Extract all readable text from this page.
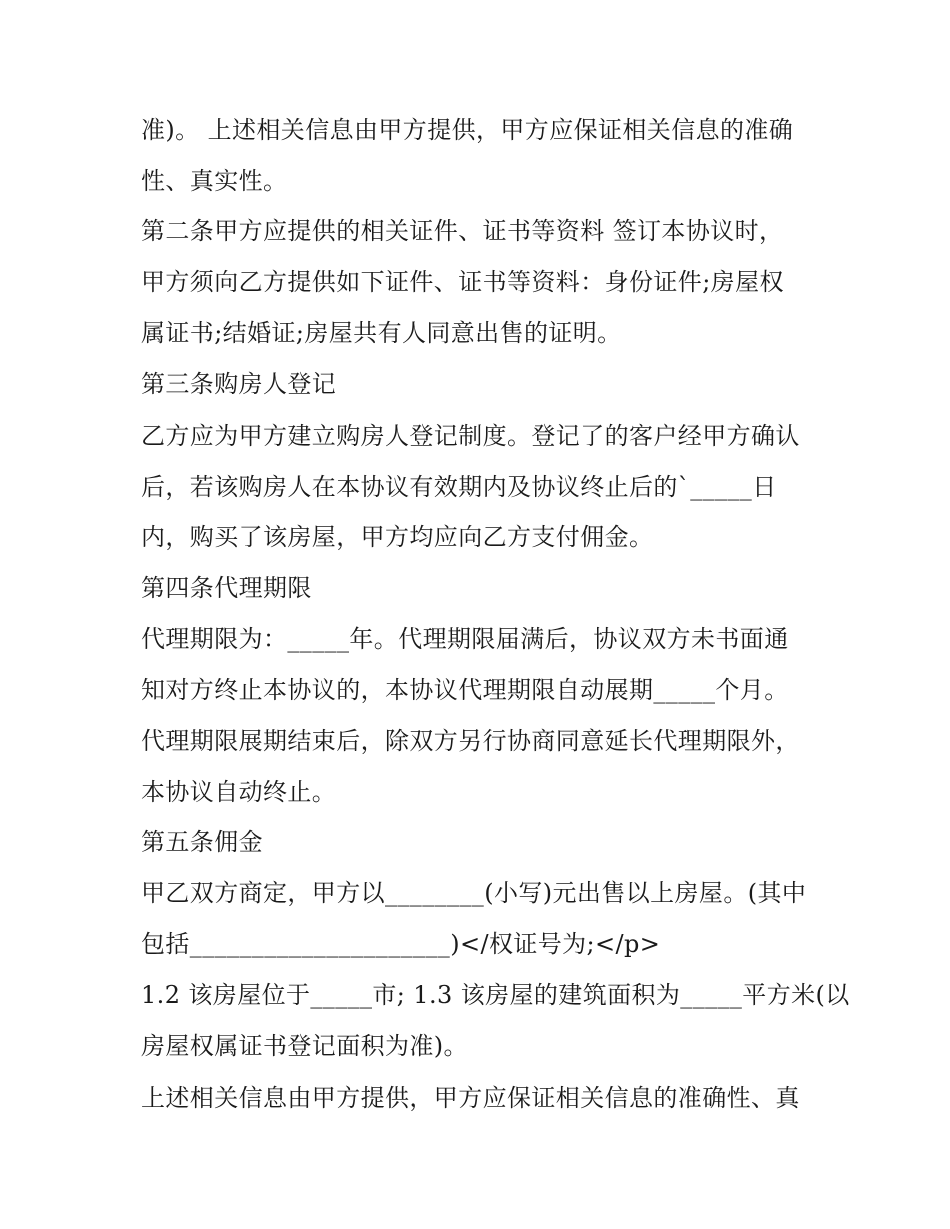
准)。 上述相关信息由甲方提供，甲方应保证相关信息的准确

性、真实性。

第二条甲方应提供的相关证件、证书等资料 签订本协议时，

甲方须向乙方提供如下证件、证书等资料：身份证件;房屋权

属证书;结婚证;房屋共有人同意出售的证明。

第三条购房人登记

乙方应为甲方建立购房人登记制度。登记了的客户经甲方确认

后，若该购房人在本协议有效期内及协议终止后的`_____日

内，购买了该房屋，甲方均应向乙方支付佣金。

第四条代理期限

代理期限为：_____年。代理期限届满后，协议双方未书面通

知对方终止本协议的，本协议代理期限自动展期_____个月。

代理期限展期结束后，除双方另行协商同意延长代理期限外，

本协议自动终止。

第五条佣金

甲乙双方商定，甲方以________(小写)元出售以上房屋。(其中

包括_____________________)</权证号为;</p>

1.2 该房屋位于_____市; 1.3 该房屋的建筑面积为_____平方米(以

房屋权属证书登记面积为准)。

上述相关信息由甲方提供，甲方应保证相关信息的准确性、真
